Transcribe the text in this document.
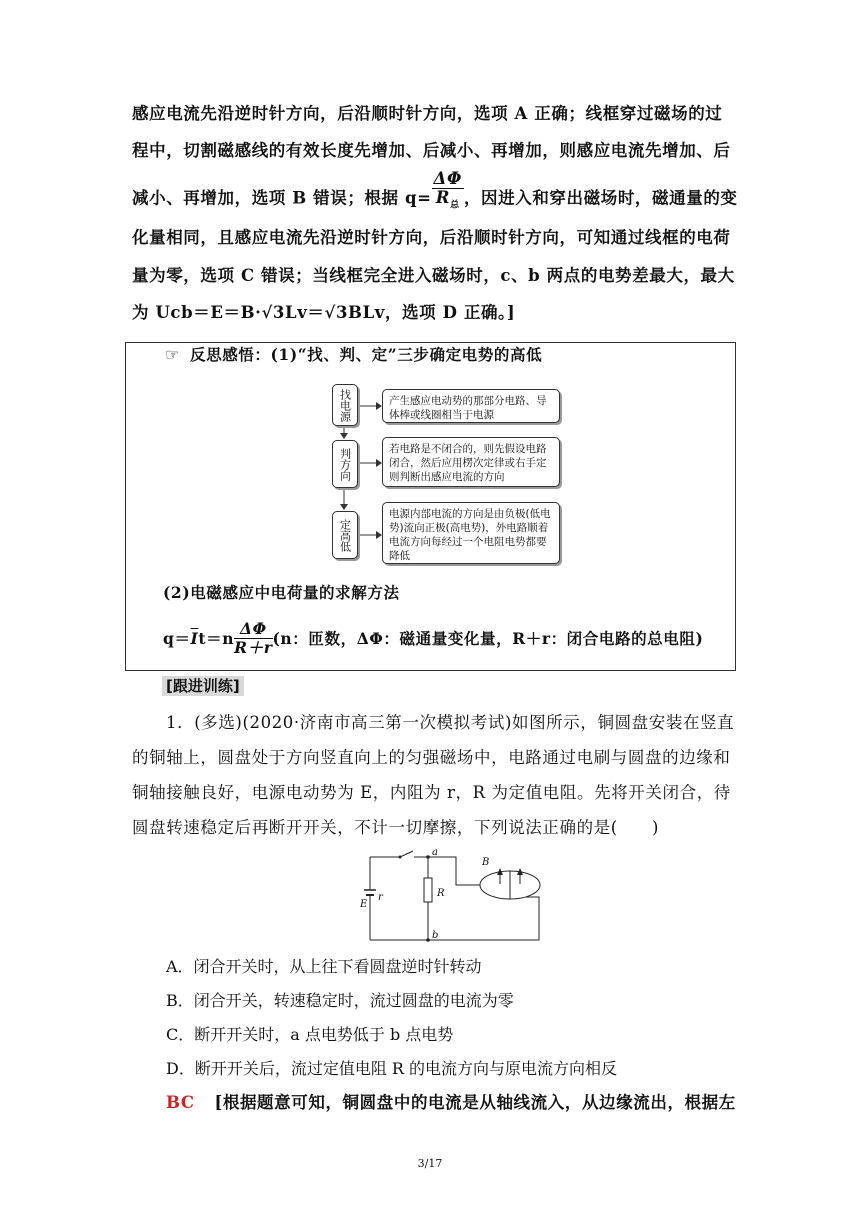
感应电流先沿逆时针方向，后沿顺时针方向，选项 A 正确；线框穿过磁场的过
程中，切割磁感线的有效长度先增加、后减小、再增加，则感应电流先增加、后
减小、再增加，选项 B 错误；根据 $q= \frac{\Delta\Phi}{R_总}$ ，因进入和穿出磁场时，磁通量的变
化量相同，且感应电流先沿逆时针方向，后沿顺时针方向，可知通过线框的电荷
量为零，选项 C 错误；当线框完全进入磁场时，c、b 两点的电势差最大，最大
为 Ucb＝E＝B·√3Lv＝√3BLv，选项 D 正确。]
☞ 反思感悟：(1)“找、判、定”三步确定电势的高低
找电源	产生感应电动势的那部分电路、导体棒或线圈相当于电源
判方向	若电路是不闭合的，则先假设电路闭合，然后应用楞次定律或右手定则判断出感应电流的方向
定高低
电源内部电流的方向是由负极(低电势)流向正极(高电势)，外电路顺着电流方向每经过一个电阻电势都要降低
(2)电磁感应中电荷量的求解方法
$q= \overline{I}$ $t=n \frac{\Delta\Phi}{R+r} (n$：匝数，ΔΦ：磁通量变化量，R＋r：闭合电路的总电阻)
[跟进训练]
1．(多选)(2020·济南市高三第一次模拟考试)如图所示，铜圆盘安装在竖直
的铜轴上，圆盘处于方向竖直向上的匀强磁场中，电路通过电刷与圆盘的边缘和
铜轴接触良好，电源电动势为 E，内阻为 r，R 为定值电阻。先将开关闭合，待
圆盘转速稳定后再断开开关，不计一切摩擦，下列说法正确的是(　　)
a
b
R
E
r
B
A．闭合开关时，从上往下看圆盘逆时针转动
B．闭合开关，转速稳定时，流过圆盘的电流为零
C．断开开关时，a 点电势低于 b 点电势
D．断开开关后，流过定值电阻 R 的电流方向与原电流方向相反
BC [根据题意可知，铜圆盘中的电流是从轴线流入，从边缘流出，根据左
3/17
